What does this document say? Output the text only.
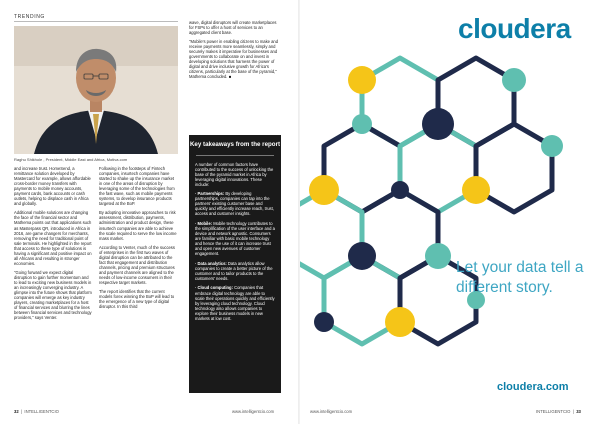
TRENDING
Raghu Shikhole , President, Middle East and Africa, Motiva.com

and increase trust. HomeSend, a remittance solution developed by Mastercard for example, allows affordable cross-border money transfers with payments to mobile money accounts, payment cards, bank accounts or cash outlets, helping to displace cash in Africa and globally.

Additional mobile solutions are changing the face of the financial sector and Mathema points out that applications such as Masterpass QR, introduced in Africa in 2016, are game changers for merchants, removing the need for traditional point of sale terminals. He highlighted in the report that access to these type of solutions is having a significant and positive impact on all Africans and resulting in stronger economies.

"Going forward we expect digital disruption to gain further momentum and to lead to exciting new business models in an increasingly converging industry. A glimpse into the future shows that platform companies will emerge as key industry players, creating marketplaces for a host of financial services and blurring the lines between financial services and technology providers," says Venter.

Following in the footsteps of Fintech companies, insurtech companies have started to shake up the insurance market in one of the areas of disruption by leveraging some of the technologies from the fast wave, such as mobile payments systems, to develop insurance products targeted at the BoP.

By adopting innovative approaches to risk assessment, distribution, payments, administration and product design, these insurtech companies are able to achieve the scale required to serve the low income mass market.

According to Venter, much of the success of enterprises in the first two waves of digital disruption can be attributed to the fact that engagement and distribution channels, pricing and premium structures and payment channels are aligned to the needs of low-income consumers in their respective target markets.

The report identifies that the current models forex winning the BoP will lead to the emergence of a new type of digital disruptor. In this third

wave, digital disruptors will create marketplaces for FSPs to offer a host of services to an aggregated client base.

"Mobile's power in enabling citizens to make and receive payments more seamlessly, simply and securely makes it imperative for businesses and governments to collaborate on and invest in developing solutions that harness the power of digital and drive inclusive growth for Africa's citizens, particularly at the base of the pyramid," Mathema concluded. ■

Key takeaways from the report

A number of common factors have contributed to the success of unlocking the base of the pyramid market in Africa by leveraging digital innovations. These include:

· Partnerships: By developing partnerships, companies can tap into the partners' existing customer base and quickly and efficiently increase reach, trust, access and customer insights.

· Mobile: Mobile technology contributes to the simplification of the user interface and a device and network agnostic. Consumers are familiar with basic mobile technology and hence the use of it can increase trust and open new avenues of customer engagement.

· Data analytics: Data analytics allow companies to create a better picture of the customer and to tailor products to the customers' needs.

· Cloud computing: Companies that embrace digital technology are able to scale their operations quickly and efficiently by leveraging cloud technology. Cloud technology also allows companies to explore their business models in new markets at low cost.

32  |  INTELLIGENTCIO	www.intelligentcio.com
cloudera
Let your data tell a different story.
cloudera.com
www.intelligentcio.com	INTELLIGENTCIO  |  33
